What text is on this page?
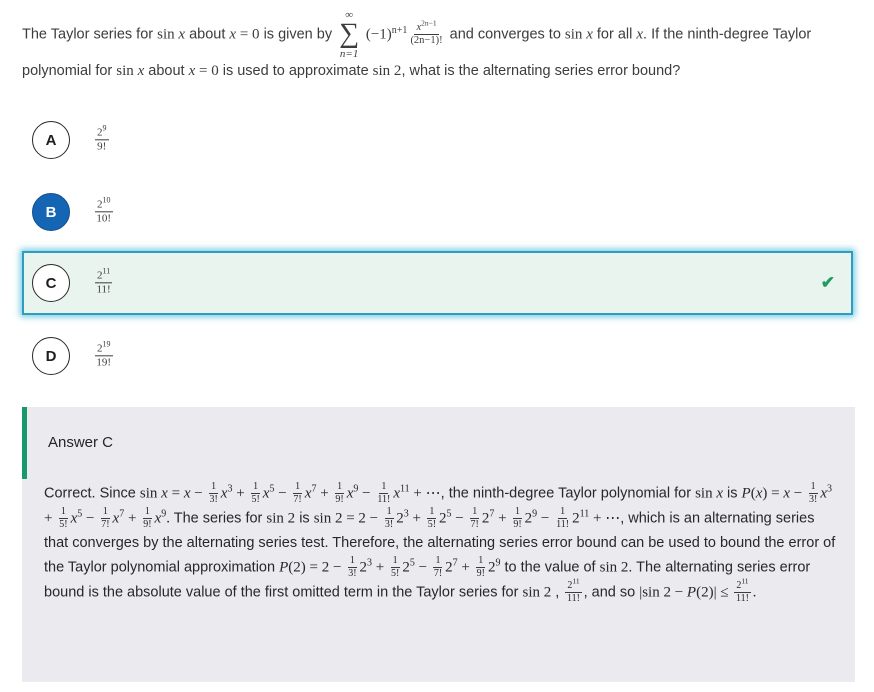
The Taylor series for sin x about x = 0 is given by
∞
∑
n=1
$(-1)^{n+1} \frac{x^{2n-1}}{(2n-1)!}$ and converges to sin x for all x. If the ninth-degree Taylor polynomial for sin x about x = 0 is used to approximate sin 2, what is the alternating series error bound?
A	$\frac{2^9}{9!}$
B	$\frac{2^{10}}{10!}$
C	$\frac{2^{11}}{11!}$	✔
D	$\frac{2^{19}}{19!}$
Answer C
Correct. Since $\sin x = x - \frac{1}{3!} x^3 + \frac{1}{5!} x^5 - \frac{1}{7!} x^7 + \frac{1}{9!} x^9 - \frac{1}{11!} x^{11}$ + ⋯, the ninth-degree Taylor polynomial for sin x is $P(x) = x - \frac{1}{3!} x^3 + \frac{1}{5!} x^5 - \frac{1}{7!} x^7 + \frac{1}{9!} x^9$. The series for sin 2 is $\sin 2 = 2 - \frac{1}{3!} 2^3 + \frac{1}{5!} 2^5 - \frac{1}{7!} 2^7 + \frac{1}{9!} 2^9 - \frac{1}{11!} 2^{11}$ + ⋯, which is an alternating series that converges by the alternating series test. Therefore, the alternating series error bound can be used to bound the error of the Taylor polynomial approximation $P(2) = 2 - \frac{1}{3!} 2^3 + \frac{1}{5!} 2^5 - \frac{1}{7!} 2^7 + \frac{1}{9!} 2^9$ to the value of sin 2. The alternating series error bound is the absolute value of the first omitted term in the Taylor series for sin 2 , $\frac{2^{11}}{11!}$ , and so |sin $2 - P(2)| \le \frac{2^{11}}{11!}$ .
